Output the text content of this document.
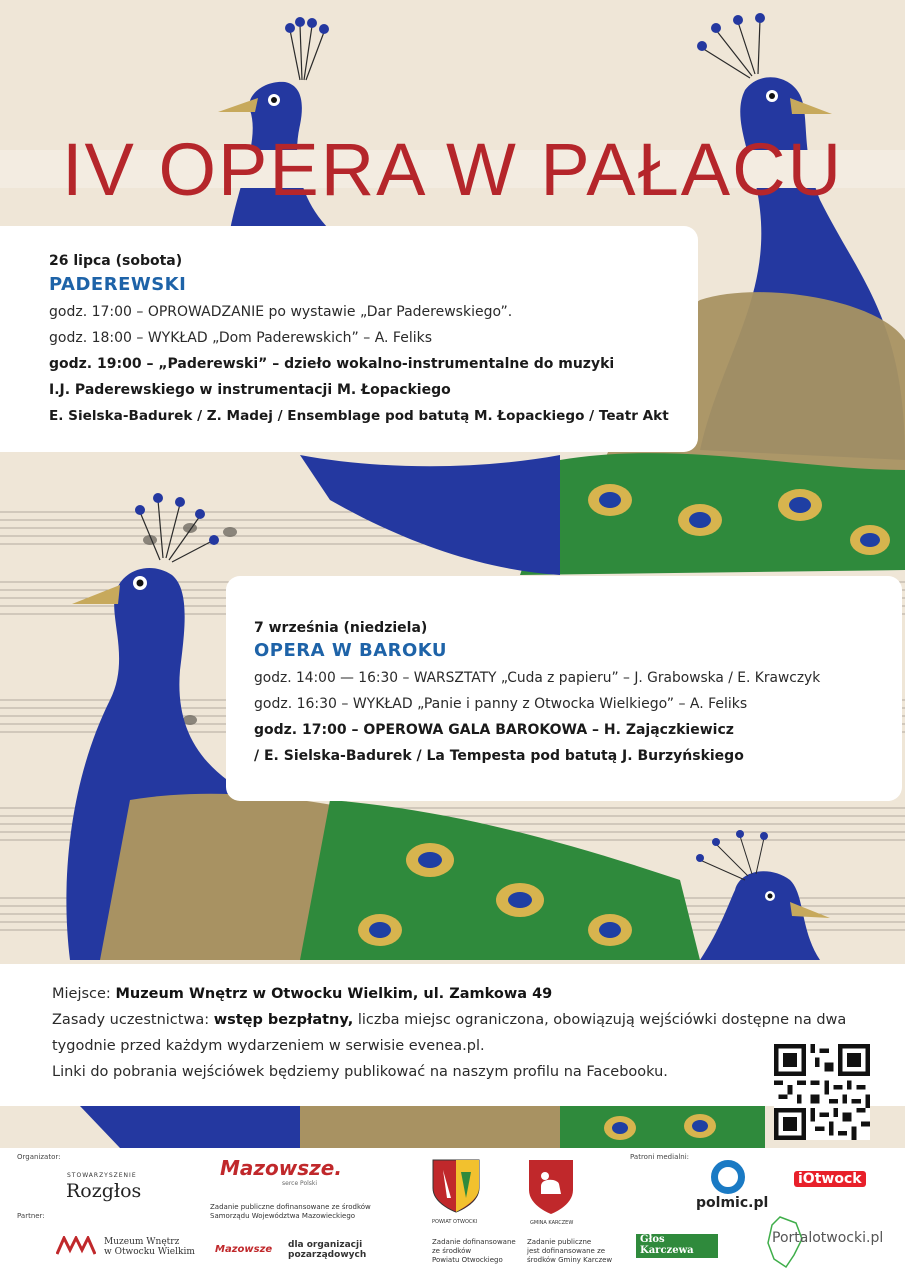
IV OPERA W PAŁACU
26 lipca (sobota)
PADEREWSKI
godz. 17:00 – OPROWADZANIE po wystawie „Dar Paderewskiego”.
godz. 18:00 – WYKŁAD „Dom Paderewskich” – A. Feliks
godz. 19:00 – „Paderewski” – dzieło wokalno-instrumentalne do muzyki
I.J. Paderewskiego w instrumentacji M. Łopackiego
E. Sielska-Badurek / Z. Madej / Ensemblage pod batutą M. Łopackiego / Teatr Akt
7 września (niedziela)
OPERA W BAROKU
godz. 14:00 — 16:30 – WARSZTATY „Cuda z papieru” – J. Grabowska / E. Krawczyk
godz. 16:30 – WYKŁAD „Panie i panny z Otwocka Wielkiego” – A. Feliks
godz. 17:00 – OPEROWA GALA BAROKOWA – H. Zajączkiewicz
/ E. Sielska-Badurek / La Tempesta pod batutą J. Burzyńskiego
Miejsce: Muzeum Wnętrz w Otwocku Wielkim, ul. Zamkowa 49
Zasady uczestnictwa: wstęp bezpłatny, liczba miejsc ograniczona, obowiązują wejściówki dostępne na dwa
tygodnie przed każdym wydarzeniem w serwisie evenea.pl.
Linki do pobrania wejściówek będziemy publikować na naszym profilu na Facebooku.
Organizator:
Partner:
Patroni medialni:
STOWARZYSZENIE
Rozgłos
Muzeum Wnętrz
w Otwocku Wielkim
Mazowsze.
serce Polski
Zadanie publiczne dofinansowane ze środków
Samorządu Województwa Mazowieckiego
Mazowsze dla organizacji
pozarządowych
POWIAT OTWOCKI
Zadanie dofinansowane
ze środków
Powiatu Otwockiego
GMINA KARCZEW
Zadanie publiczne
jest dofinansowane ze
środków Gminy Karczew
polmic.pl
iOtwock
Głos
Karczewa
Portalotwocki.pl
